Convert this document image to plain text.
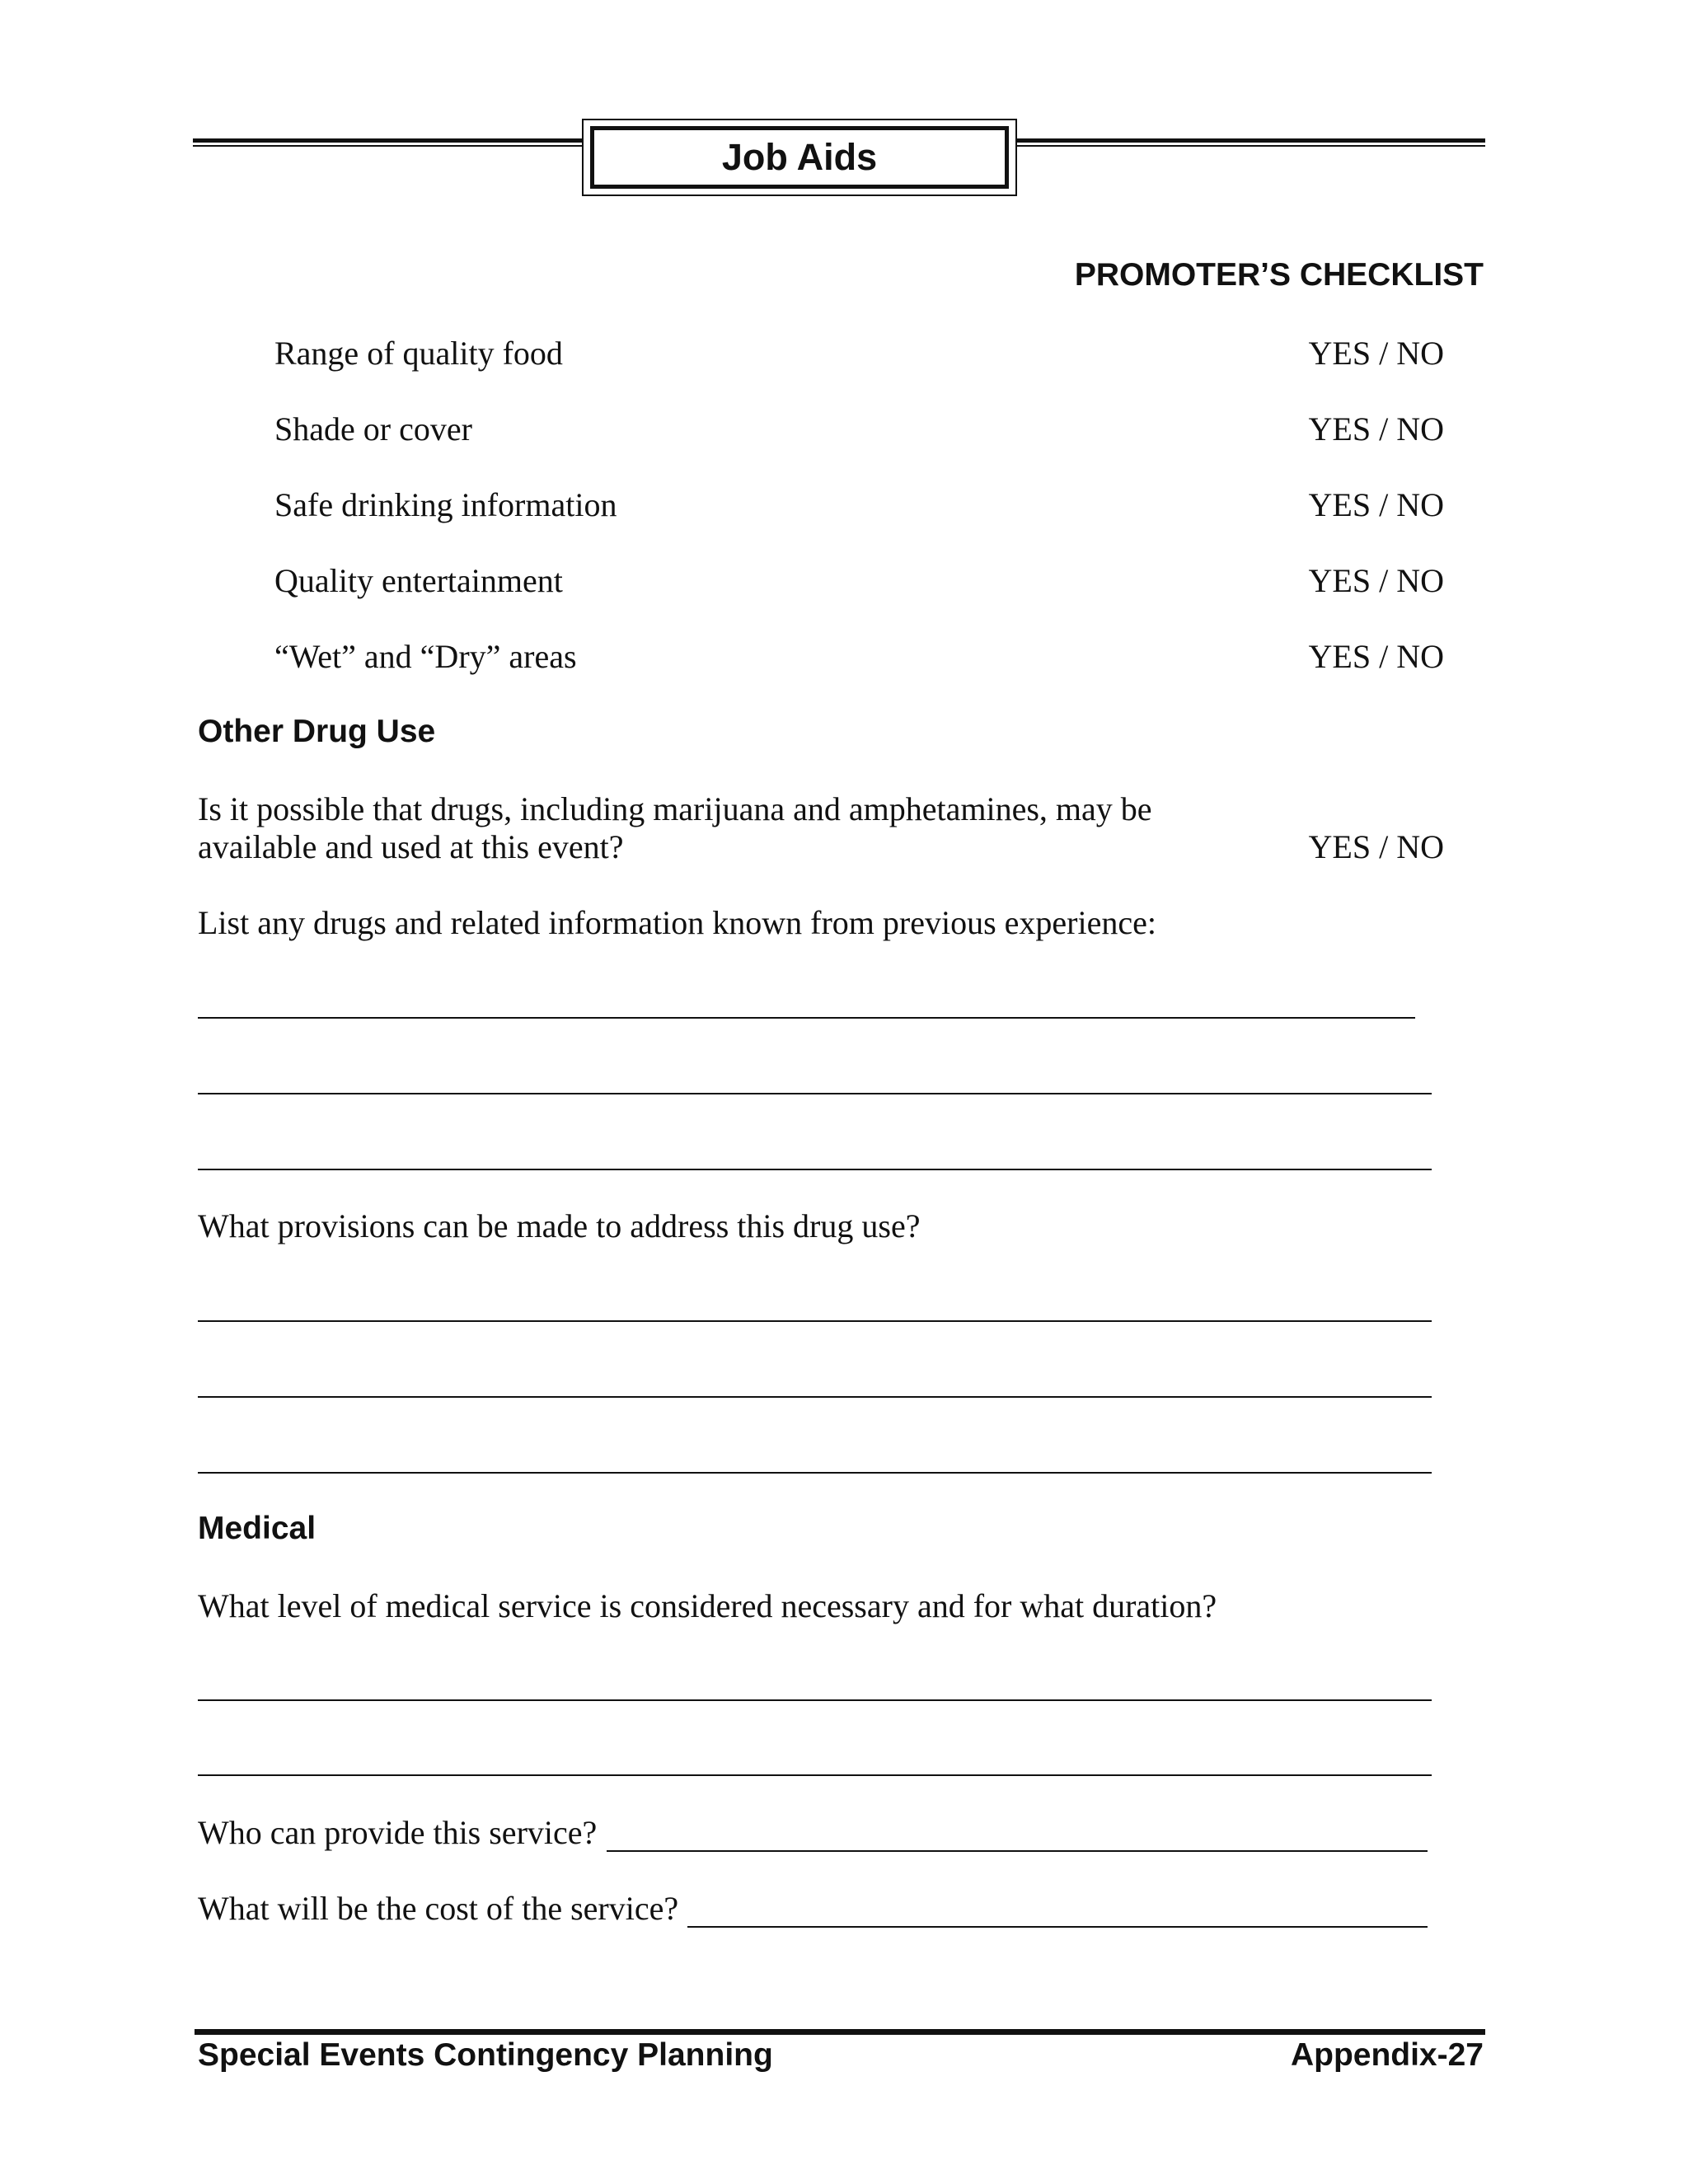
Job Aids
PROMOTER’S CHECKLIST
Range of quality food	YES / NO
Shade or cover	YES / NO
Safe drinking information	YES / NO
Quality entertainment	YES / NO
“Wet” and “Dry” areas	YES / NO
Other Drug Use
Is it possible that drugs, including marijuana and amphetamines, may be
available and used at this event?	YES / NO
List any drugs and related information known from previous experience:
What provisions can be made to address this drug use?
Medical
What level of medical service is considered necessary and for what duration?
Who can provide this service?
What will be the cost of the service?
Special Events Contingency Planning	Appendix-27
